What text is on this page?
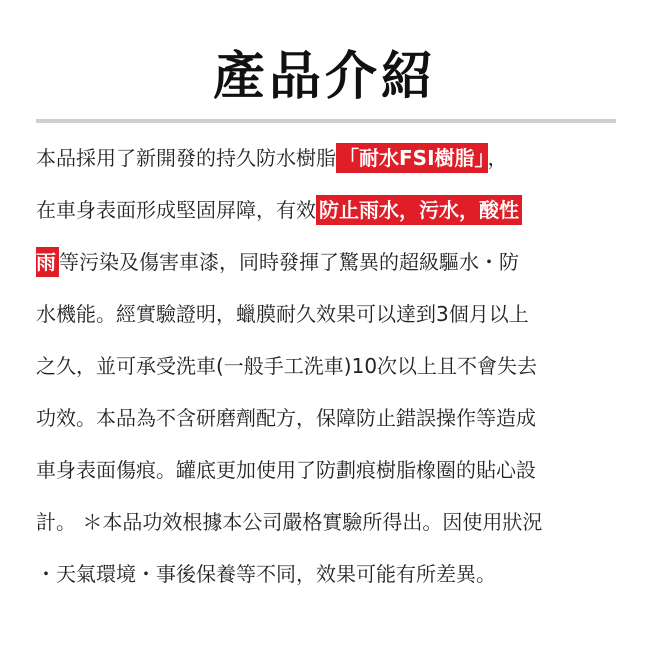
產品介紹
本品採用了新開發的持久防水樹脂 「耐水FSI樹脂」 ，
在車身表面形成堅固屏障，有效 防止雨水，污水，酸性
雨 等污染及傷害車漆，同時發揮了驚異的超級驅水・防
水機能。經實驗證明，蠟膜耐久效果可以達到3個月以上
之久，並可承受洗車(一般手工洗車)10次以上且不會失去
功效。本品為不含研磨劑配方，保障防止錯誤操作等造成
車身表面傷痕。罐底更加使用了防劃痕樹脂橡圈的貼心設
計。 ＊本品功效根據本公司嚴格實驗所得出。因使用狀況
・天氣環境・事後保養等不同，效果可能有所差異。
